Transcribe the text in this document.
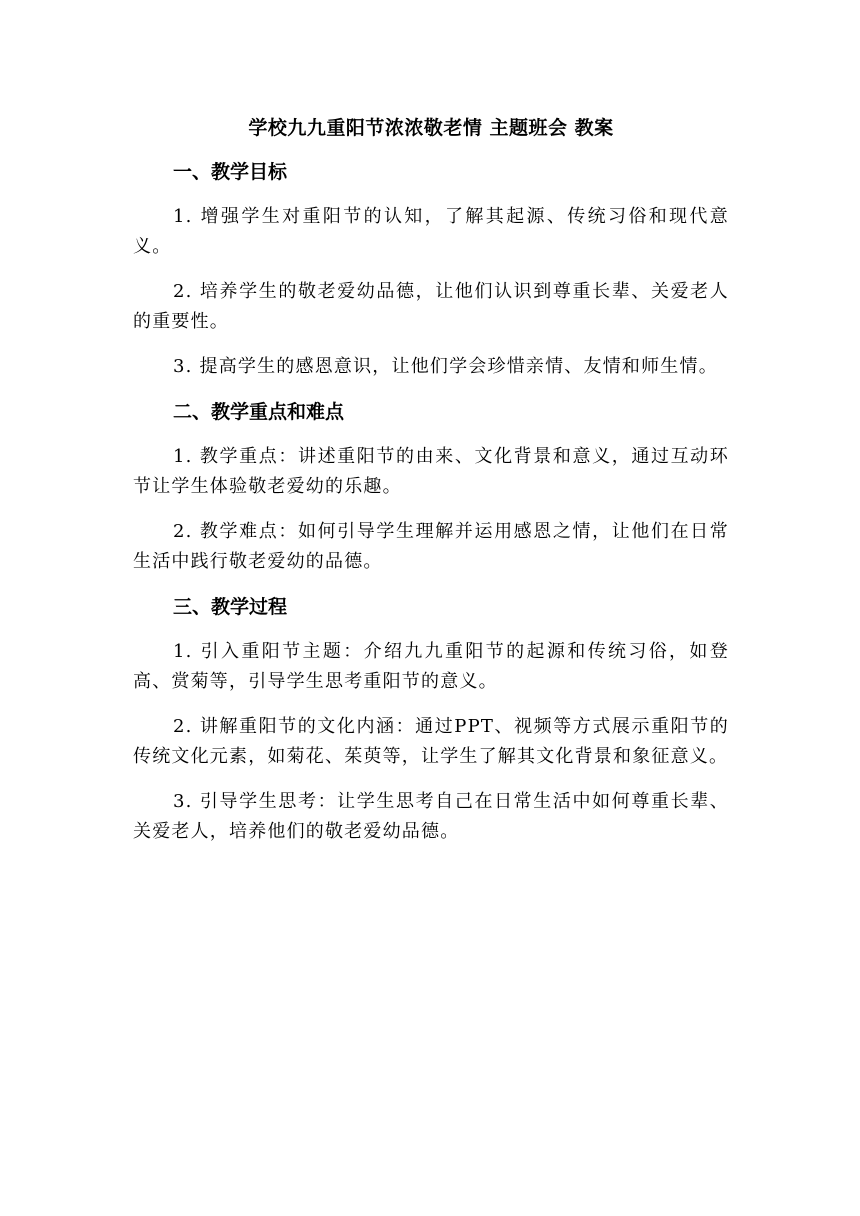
学校九九重阳节浓浓敬老情 主题班会 教案
一、教学目标

1. 增强学生对重阳节的认知，了解其起源、传统习俗和现代意义。

2. 培养学生的敬老爱幼品德，让他们认识到尊重长辈、关爱老人的重要性。

3. 提高学生的感恩意识，让他们学会珍惜亲情、友情和师生情。

二、教学重点和难点

1. 教学重点：讲述重阳节的由来、文化背景和意义，通过互动环节让学生体验敬老爱幼的乐趣。

2. 教学难点：如何引导学生理解并运用感恩之情，让他们在日常生活中践行敬老爱幼的品德。

三、教学过程

1. 引入重阳节主题：介绍九九重阳节的起源和传统习俗，如登高、赏菊等，引导学生思考重阳节的意义。

2. 讲解重阳节的文化内涵：通过PPT、视频等方式展示重阳节的传统文化元素，如菊花、茱萸等，让学生了解其文化背景和象征意义。

3. 引导学生思考：让学生思考自己在日常生活中如何尊重长辈、关爱老人，培养他们的敬老爱幼品德。
